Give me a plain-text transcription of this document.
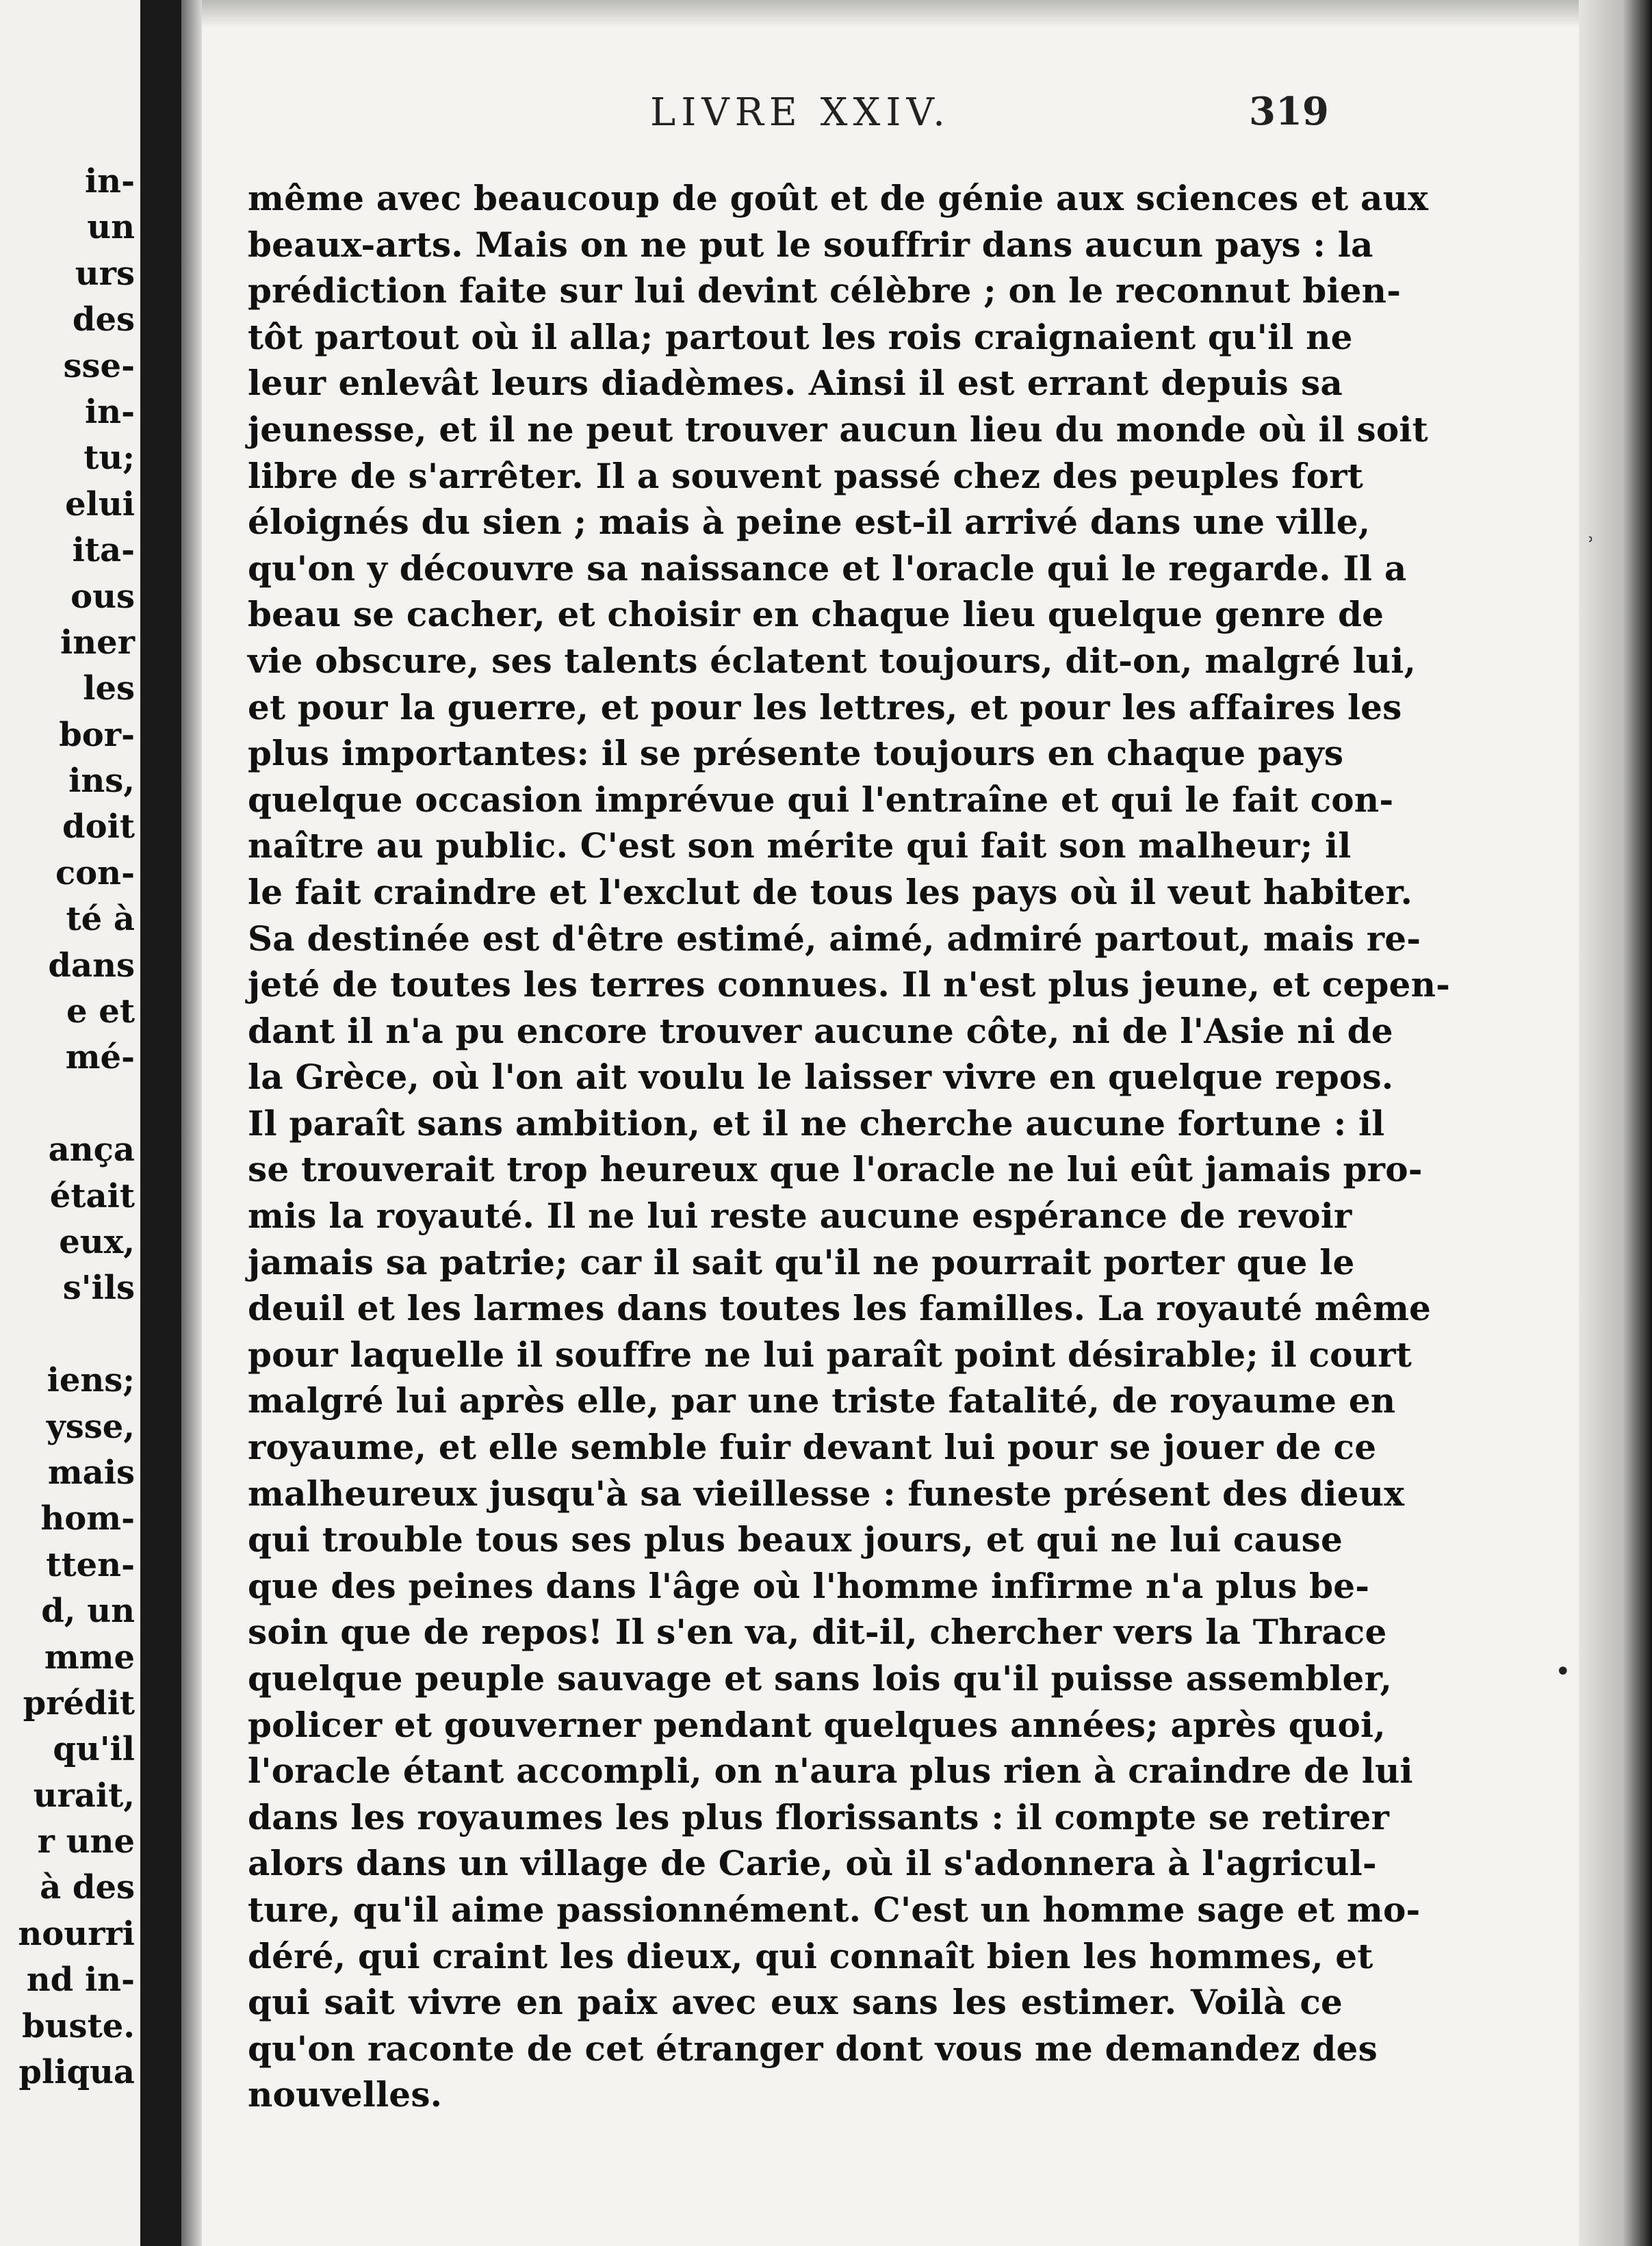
in-
un
urs
des
sse-
in-
tu;
elui
ita-
ous
iner
les
bor-
ins,
doit
con-
té à
dans
e et
mé-
ança
était
eux,
s'ils
iens;
ysse,
mais
hom-
tten-
d, un
mme
prédit
qu'il
urait,
r une
à des
nourri
nd in-
buste.
pliqua
LIVRE XXIV.	319
même avec beaucoup de goût et de génie aux sciences et aux
beaux-arts. Mais on ne put le souffrir dans aucun pays : la
prédiction faite sur lui devint célèbre ; on le reconnut bien-
tôt partout où il alla; partout les rois craignaient qu'il ne
leur enlevât leurs diadèmes. Ainsi il est errant depuis sa
jeunesse, et il ne peut trouver aucun lieu du monde où il soit
libre de s'arrêter. Il a souvent passé chez des peuples fort
éloignés du sien ; mais à peine est-il arrivé dans une ville,
qu'on y découvre sa naissance et l'oracle qui le regarde. Il a
beau se cacher, et choisir en chaque lieu quelque genre de
vie obscure, ses talents éclatent toujours, dit-on, malgré lui,
et pour la guerre, et pour les lettres, et pour les affaires les
plus importantes: il se présente toujours en chaque pays
quelque occasion imprévue qui l'entraîne et qui le fait con-
naître au public. C'est son mérite qui fait son malheur; il
le fait craindre et l'exclut de tous les pays où il veut habiter.
Sa destinée est d'être estimé, aimé, admiré partout, mais re-
jeté de toutes les terres connues. Il n'est plus jeune, et cepen-
dant il n'a pu encore trouver aucune côte, ni de l'Asie ni de
la Grèce, où l'on ait voulu le laisser vivre en quelque repos.
Il paraît sans ambition, et il ne cherche aucune fortune : il
se trouverait trop heureux que l'oracle ne lui eût jamais pro-
mis la royauté. Il ne lui reste aucune espérance de revoir
jamais sa patrie; car il sait qu'il ne pourrait porter que le
deuil et les larmes dans toutes les familles. La royauté même
pour laquelle il souffre ne lui paraît point désirable; il court
malgré lui après elle, par une triste fatalité, de royaume en
royaume, et elle semble fuir devant lui pour se jouer de ce
malheureux jusqu'à sa vieillesse : funeste présent des dieux
qui trouble tous ses plus beaux jours, et qui ne lui cause
que des peines dans l'âge où l'homme infirme n'a plus be-
soin que de repos! Il s'en va, dit-il, chercher vers la Thrace
quelque peuple sauvage et sans lois qu'il puisse assembler,
policer et gouverner pendant quelques années; après quoi,
l'oracle étant accompli, on n'aura plus rien à craindre de lui
dans les royaumes les plus florissants : il compte se retirer
alors dans un village de Carie, où il s'adonnera à l'agricul-
ture, qu'il aime passionnément. C'est un homme sage et mo-
déré, qui craint les dieux, qui connaît bien les hommes, et
qui sait vivre en paix avec eux sans les estimer. Voilà ce
qu'on raconte de cet étranger dont vous me demandez des
nouvelles.
⸒
•
